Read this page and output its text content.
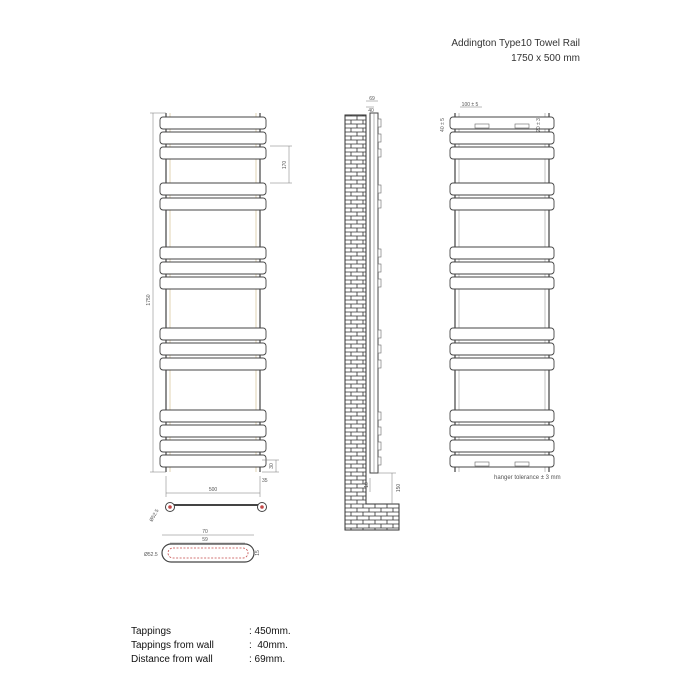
Addington Type10 Towel Rail
1750 x 500 mm
1750
170
30
35
500
Ø52.5
70
59
Ø52.5	15
69
40
150
10
100 ± 5
40 ± 5	20 ± 3
hanger tolerance ± 3 mm
Tappings	: 450mm.
Tappings from wall	:  40mm.
Distance from wall	: 69mm.
